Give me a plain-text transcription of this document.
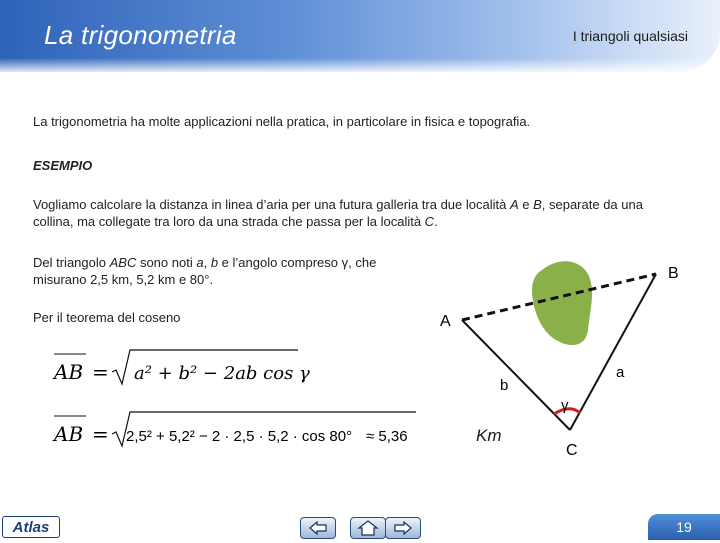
La trigonometria	I triangoli qualsiasi
La trigonometria ha molte applicazioni nella pratica, in particolare in fisica e topografia.
ESEMPIO
Vogliamo calcolare la distanza in linea d’aria per una futura galleria tra due località A e B, separate da una collina, ma collegate tra loro da una strada che passa per la località C.
Del triangolo ABC sono noti a, b e l’angolo compreso γ, che misurano 2,5 km, 5,2 km e 80°.
Per il teorema del coseno
AB = a² + b² − 2ab cos γ
AB = 2,5² + 5,2² − 2 · 2,5 · 5,2 · cos 80° ≈ 5,36	Km
A
B
C
a
b
γ
Atlas	19
